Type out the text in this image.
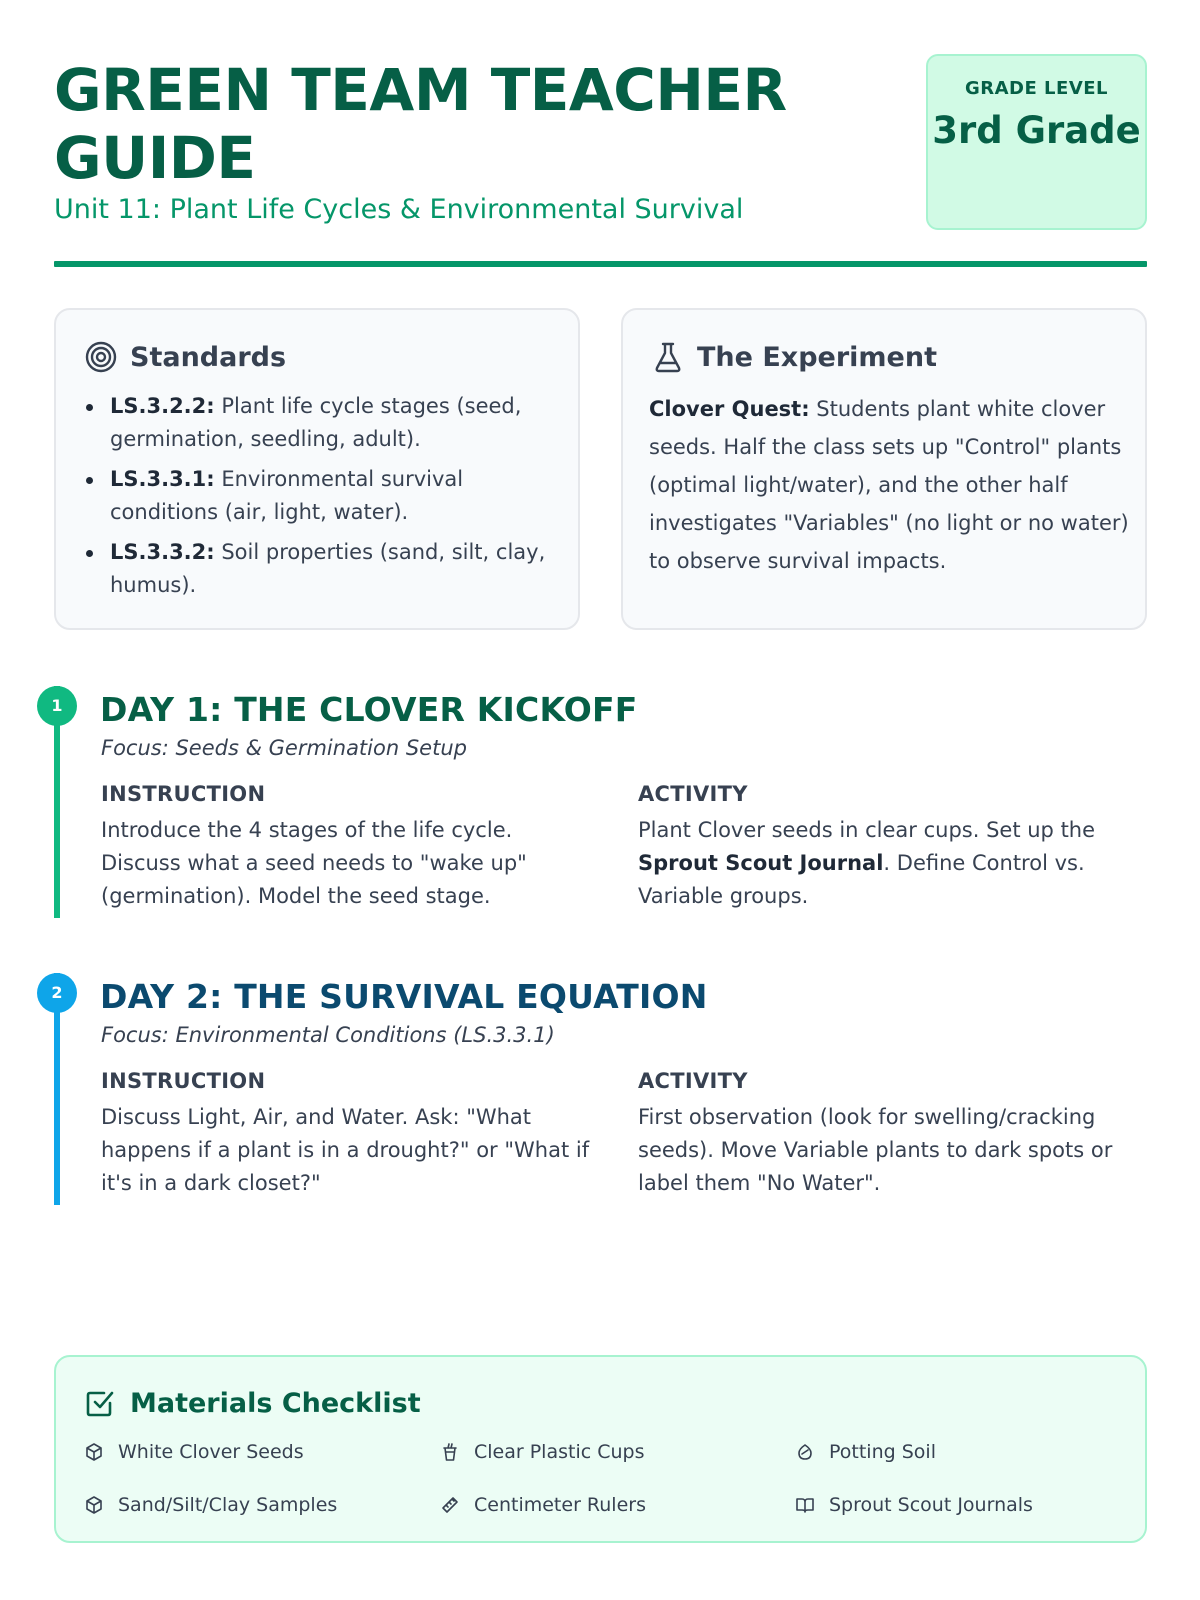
GREEN TEAM TEACHER GUIDE
Unit 11: Plant Life Cycles & Environmental Survival
GRADE LEVEL
3rd Grade
Standards
LS.3.2.2: Plant life cycle stages (seed, germination, seedling, adult).
LS.3.3.1: Environmental survival conditions (air, light, water).
LS.3.3.2: Soil properties (sand, silt, clay, humus).
The Experiment

Clover Quest: Students plant white clover seeds. Half the class sets up "Control" plants (optimal light/water), and the other half investigates "Variables" (no light or no water) to observe survival impacts.

1	DAY 1: THE CLOVER KICKOFF
Focus: Seeds & Germination Setup
INSTRUCTION

Introduce the 4 stages of the life cycle. Discuss what a seed needs to "wake up" (germination). Model the seed stage.

ACTIVITY

Plant Clover seeds in clear cups. Set up the Sprout Scout Journal. Define Control vs. Variable groups.

2	DAY 2: THE SURVIVAL EQUATION
Focus: Environmental Conditions (LS.3.3.1)
INSTRUCTION

Discuss Light, Air, and Water. Ask: "What happens if a plant is in a drought?" or "What if it's in a dark closet?"

ACTIVITY

First observation (look for swelling/cracking seeds). Move Variable plants to dark spots or label them "No Water".

Materials Checklist
White Clover Seeds	Clear Plastic Cups	Potting Soil
Sand/Silt/Clay Samples	Centimeter Rulers	Sprout Scout Journals
